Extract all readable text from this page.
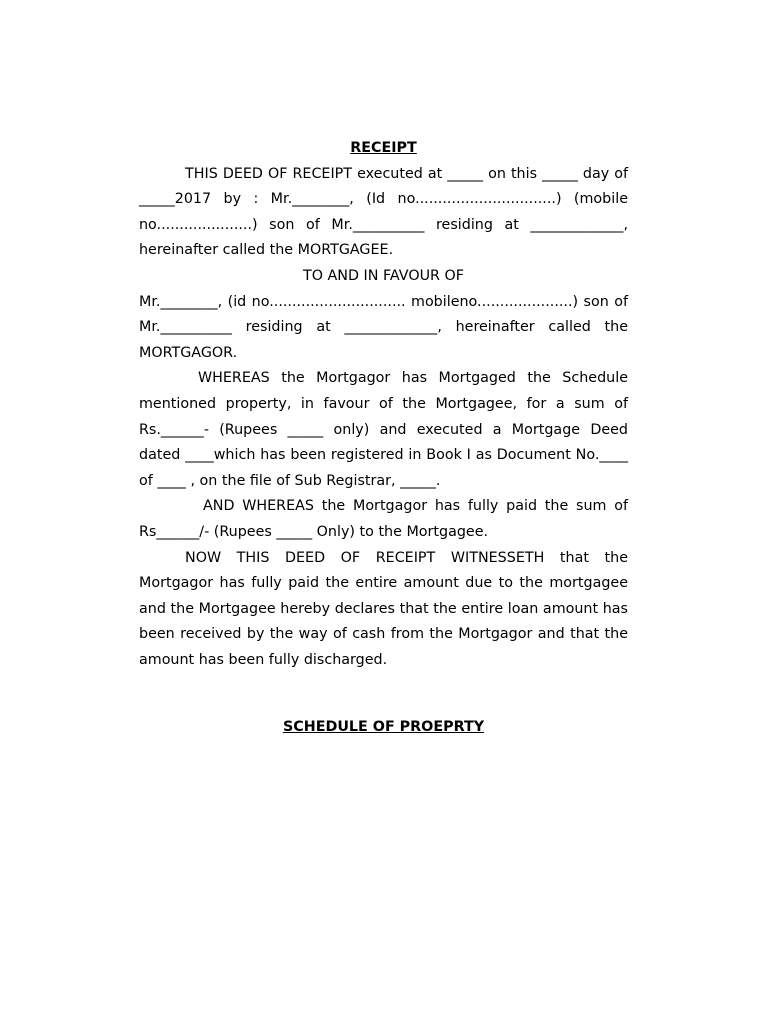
RECEIPT

THIS DEED OF RECEIPT executed at _____ on this _____ day of _____2017 by : Mr.________, (Id no...............................) (mobile no.....................) son of Mr.__________ residing at _____________, hereinafter called the MORTGAGEE.

TO AND IN FAVOUR OF

Mr.________, (id no.............................. mobileno.....................) son of Mr.__________ residing at _____________, hereinafter called the MORTGAGOR.

WHEREAS the Mortgagor has Mortgaged the Schedule mentioned property, in favour of the Mortgagee, for a sum of Rs.______- (Rupees _____ only) and executed a Mortgage Deed dated ____which has been registered in Book I as Document No.____ of ____ , on the file of Sub Registrar, _____.

AND WHEREAS the Mortgagor has fully paid the sum of Rs______/- (Rupees _____ Only) to the Mortgagee.

NOW THIS DEED OF RECEIPT WITNESSETH that the Mortgagor has fully paid the entire amount due to the mortgagee and the Mortgagee hereby declares that the entire loan amount has been received by the way of cash from the Mortgagor and that the amount has been fully discharged.

SCHEDULE OF PROEPRTY
